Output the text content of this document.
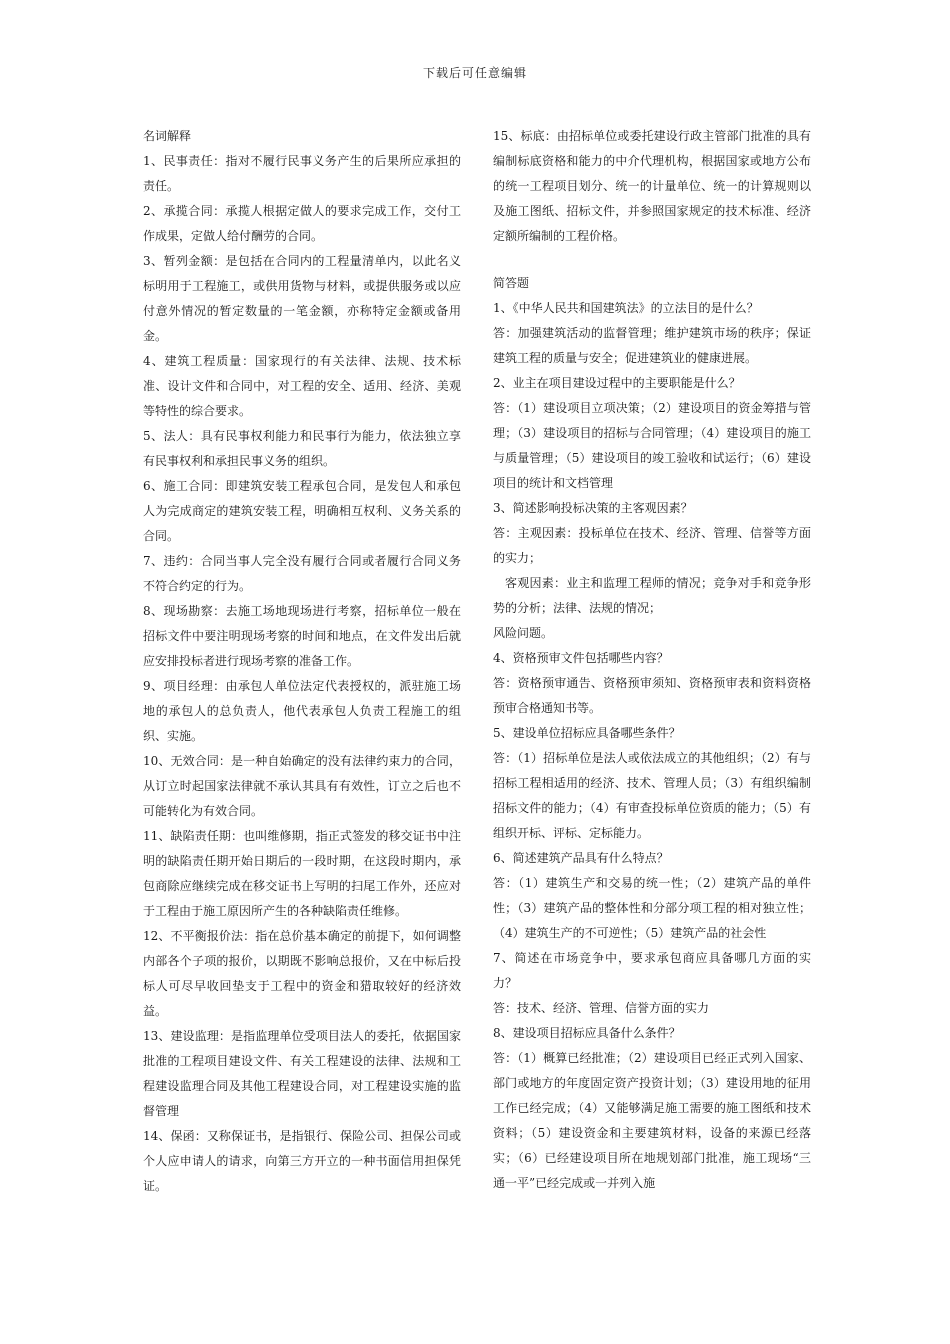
下载后可任意编辑

名词解释

1、民事责任：指对不履行民事义务产生的后果所应承担的责任。

2、承揽合同：承揽人根据定做人的要求完成工作，交付工作成果，定做人给付酬劳的合同。

3、暂列金额：是包括在合同内的工程量清单内，以此名义标明用于工程施工，或供用货物与材料，或提供服务或以应付意外情况的暂定数量的一笔金额，亦称特定金额或备用金。

4、建筑工程质量：国家现行的有关法律、法规、技术标准、设计文件和合同中，对工程的安全、适用、经济、美观等特性的综合要求。

5、法人：具有民事权利能力和民事行为能力，依法独立享有民事权利和承担民事义务的组织。

6、施工合同：即建筑安装工程承包合同，是发包人和承包人为完成商定的建筑安装工程，明确相互权利、义务关系的合同。

7、违约：合同当事人完全没有履行合同或者履行合同义务不符合约定的行为。

8、现场勘察：去施工场地现场进行考察，招标单位一般在招标文件中要注明现场考察的时间和地点，在文件发出后就应安排投标者进行现场考察的准备工作。

9、项目经理：由承包人单位法定代表授权的，派驻施工场地的承包人的总负责人，他代表承包人负责工程施工的组织、实施。

10、无效合同：是一种自始确定的没有法律约束力的合同，从订立时起国家法律就不承认其具有有效性，订立之后也不可能转化为有效合同。

11、缺陷责任期：也叫维修期，指正式签发的移交证书中注明的缺陷责任期开始日期后的一段时期，在这段时期内，承包商除应继续完成在移交证书上写明的扫尾工作外，还应对于工程由于施工原因所产生的各种缺陷责任维修。

12、不平衡报价法：指在总价基本确定的前提下，如何调整内部各个子项的报价，以期既不影响总报价，又在中标后投标人可尽早收回垫支于工程中的资金和猎取较好的经济效益。

13、建设监理：是指监理单位受项目法人的委托，依据国家批准的工程项目建设文件、有关工程建设的法律、法规和工程建设监理合同及其他工程建设合同，对工程建设实施的监督管理

14、保函：又称保证书，是指银行、保险公司、担保公司或个人应申请人的请求，向第三方开立的一种书面信用担保凭证。

15、标底：由招标单位或委托建设行政主管部门批准的具有编制标底资格和能力的中介代理机构，根据国家或地方公布的统一工程项目划分、统一的计量单位、统一的计算规则以及施工图纸、招标文件，并参照国家规定的技术标准、经济定额所编制的工程价格。

简答题

1、《中华人民共和国建筑法》的立法目的是什么？

答：加强建筑活动的监督管理；维护建筑市场的秩序；保证建筑工程的质量与安全；促进建筑业的健康进展。

2、业主在项目建设过程中的主要职能是什么？

答：（1）建设项目立项决策；（2）建设项目的资金筹措与管理；（3）建设项目的招标与合同管理；（4）建设项目的施工与质量管理；（5）建设项目的竣工验收和试运行；（6）建设项目的统计和文档管理

3、简述影响投标决策的主客观因素？

答：主观因素：投标单位在技术、经济、管理、信誉等方面的实力；

客观因素：业主和监理工程师的情况；竞争对手和竞争形势的分析；法律、法规的情况；

风险问题。

4、资格预审文件包括哪些内容？

答：资格预审通告、资格预审须知、资格预审表和资料资格预审合格通知书等。

5、建设单位招标应具备哪些条件？

答：（1）招标单位是法人或依法成立的其他组织；（2）有与招标工程相适用的经济、技术、管理人员；（3）有组织编制招标文件的能力；（4）有审查投标单位资质的能力；（5）有组织开标、评标、定标能力。

6、简述建筑产品具有什么特点？

答：（1）建筑生产和交易的统一性；（2）建筑产品的单件性；（3）建筑产品的整体性和分部分项工程的相对独立性；（4）建筑生产的不可逆性；（5）建筑产品的社会性

7、简述在市场竞争中，要求承包商应具备哪几方面的实力？

答：技术、经济、管理、信誉方面的实力

8、建设项目招标应具备什么条件？

答：（1）概算已经批准；（2）建设项目已经正式列入国家、部门或地方的年度固定资产投资计划；（3）建设用地的征用工作已经完成；（4）又能够满足施工需要的施工图纸和技术资料；（5）建设资金和主要建筑材料，设备的来源已经落实；（6）已经建设项目所在地规划部门批准，施工现场“三通一平”已经完成或一并列入施
